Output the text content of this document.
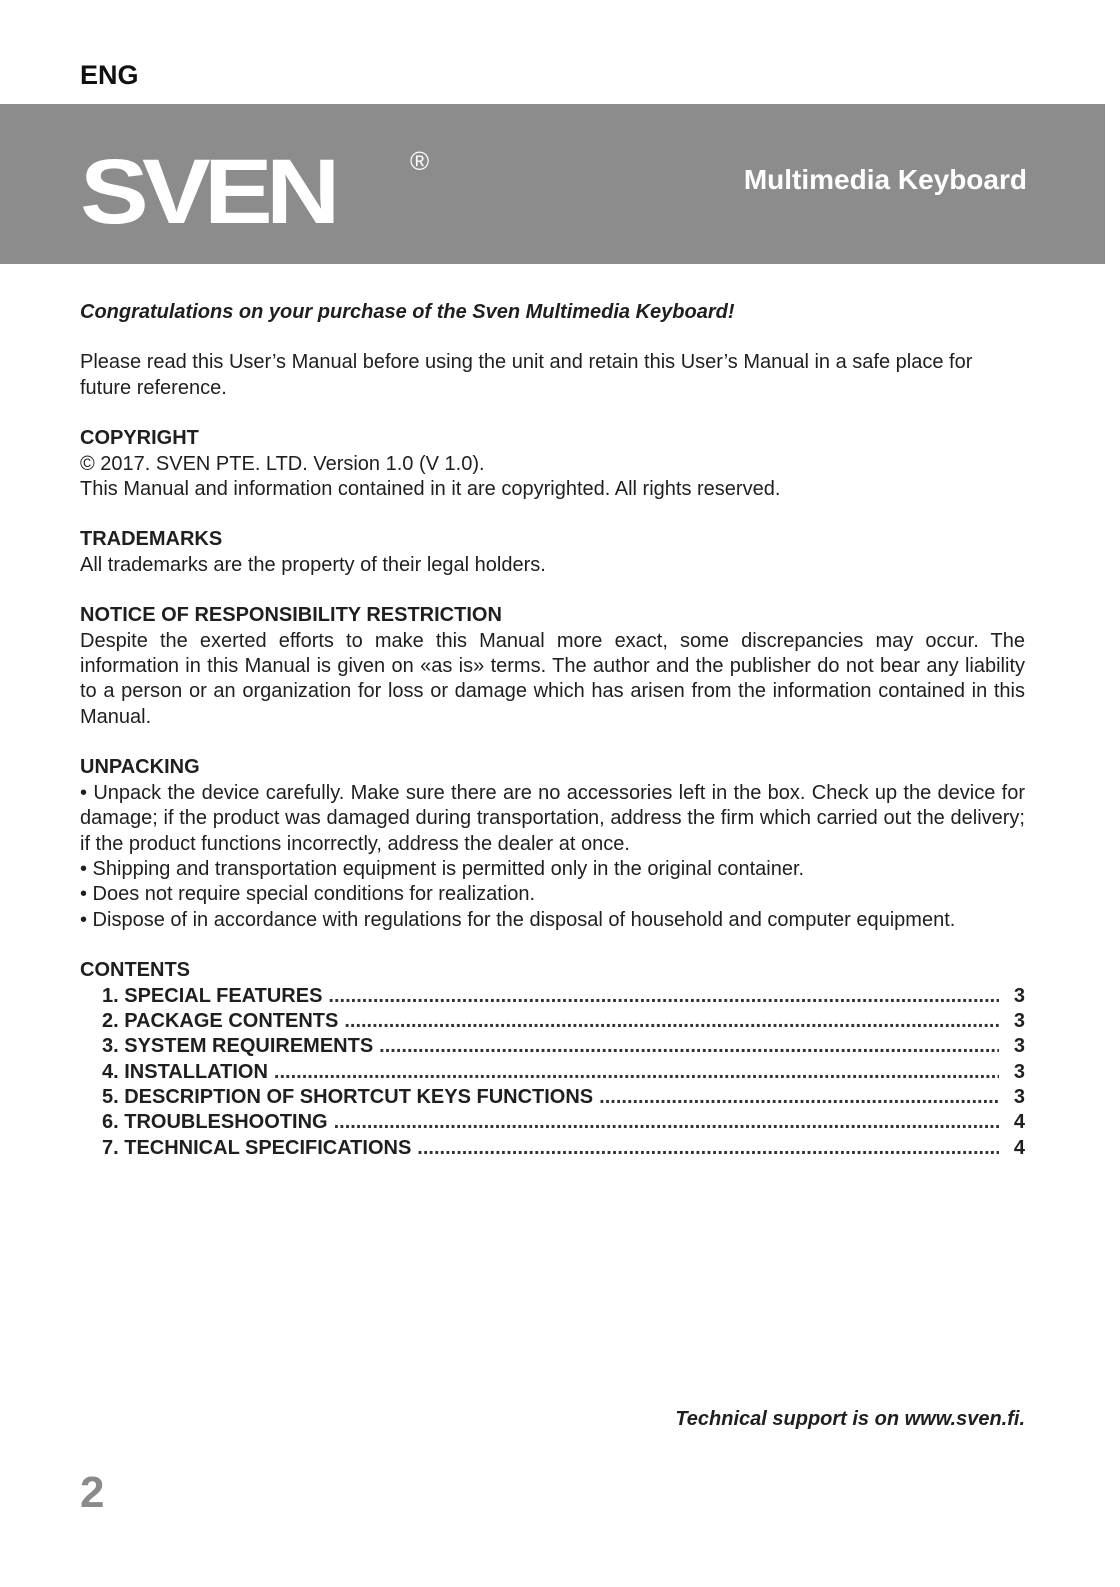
ENG
SVEN	®
Multimedia Keyboard

Congratulations on your purchase of the Sven Multimedia Keyboard!

Please read this User’s Manual before using the unit and retain this User’s Manual in a safe place for future reference.

COPYRIGHT

© 2017. SVEN PTE. LTD. Version 1.0 (V 1.0).

This Manual and information contained in it are copyrighted. All rights reserved.

TRADEMARKS

All trademarks are the property of their legal holders.

NOTICE OF RESPONSIBILITY RESTRICTION

Despite the exerted efforts to make this Manual more exact, some discrepancies may occur. The information in this Manual is given on «as is» terms. The author and the publisher do not bear any liability to a person or an organization for loss or damage which has arisen from the information contained in this Manual.

UNPACKING

• Unpack the device carefully. Make sure there are no accessories left in the box. Check up the device for damage; if the product was damaged during transportation, address the firm which carried out the delivery; if the product functions incorrectly, address the dealer at once.

• Shipping and transportation equipment is permitted only in the original container.

• Does not require special conditions for realization.

• Dispose of in accordance with regulations for the disposal of household and computer equipment.

CONTENTS
1. SPECIAL FEATURES .....	3
2. PACKAGE CONTENTS .....	3
3. SYSTEM REQUIREMENTS .....	3
4. INSTALLATION .....	3
5. DESCRIPTION OF SHORTCUT KEYS FUNCTIONS .....	3
6. TROUBLESHOOTING .....	4
7. TECHNICAL SPECIFICATIONS .....	4
Technical support is on www.sven.fi.
2
